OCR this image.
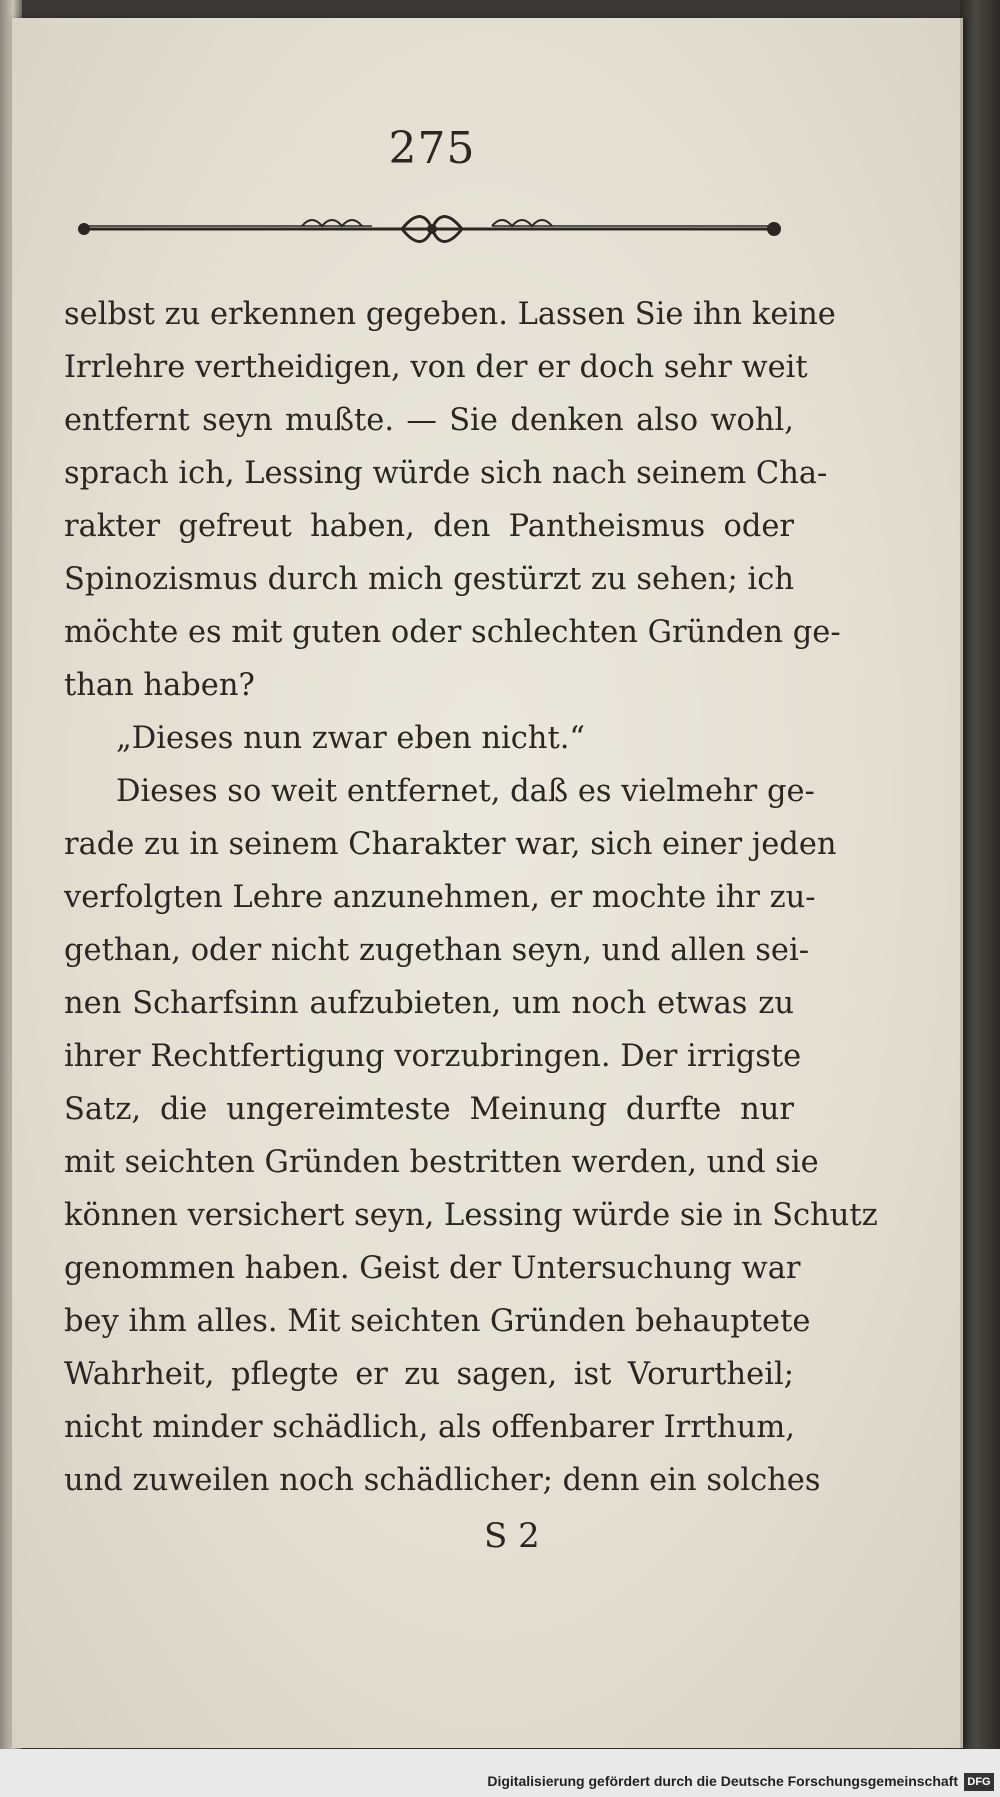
275
selbst zu erkennen gegeben. Lassen Sie ihn keine
Irrlehre vertheidigen, von der er doch sehr weit
entfernt seyn mußte. — Sie denken also wohl,
sprach ich, Lessing würde sich nach seinem Cha-
rakter gefreut haben, den Pantheismus oder
Spinozismus durch mich gestürzt zu sehen; ich
möchte es mit guten oder schlechten Gründen ge-
than haben?
„Dieses nun zwar eben nicht.“
Dieses so weit entfernet, daß es vielmehr ge-
rade zu in seinem Charakter war, sich einer jeden
verfolgten Lehre anzunehmen, er mochte ihr zu-
gethan, oder nicht zugethan seyn, und allen sei-
nen Scharfsinn aufzubieten, um noch etwas zu
ihrer Rechtfertigung vorzubringen. Der irrigste
Satz, die ungereimteste Meinung durfte nur
mit seichten Gründen bestritten werden, und sie
können versichert seyn, Lessing würde sie in Schutz
genommen haben. Geist der Untersuchung war
bey ihm alles. Mit seichten Gründen behauptete
Wahrheit, pflegte er zu sagen, ist Vorurtheil;
nicht minder schädlich, als offenbarer Irrthum,
und zuweilen noch schädlicher; denn ein solches
S 2
Digitalisierung gefördert durch die Deutsche Forschungsgemeinschaft DFG
